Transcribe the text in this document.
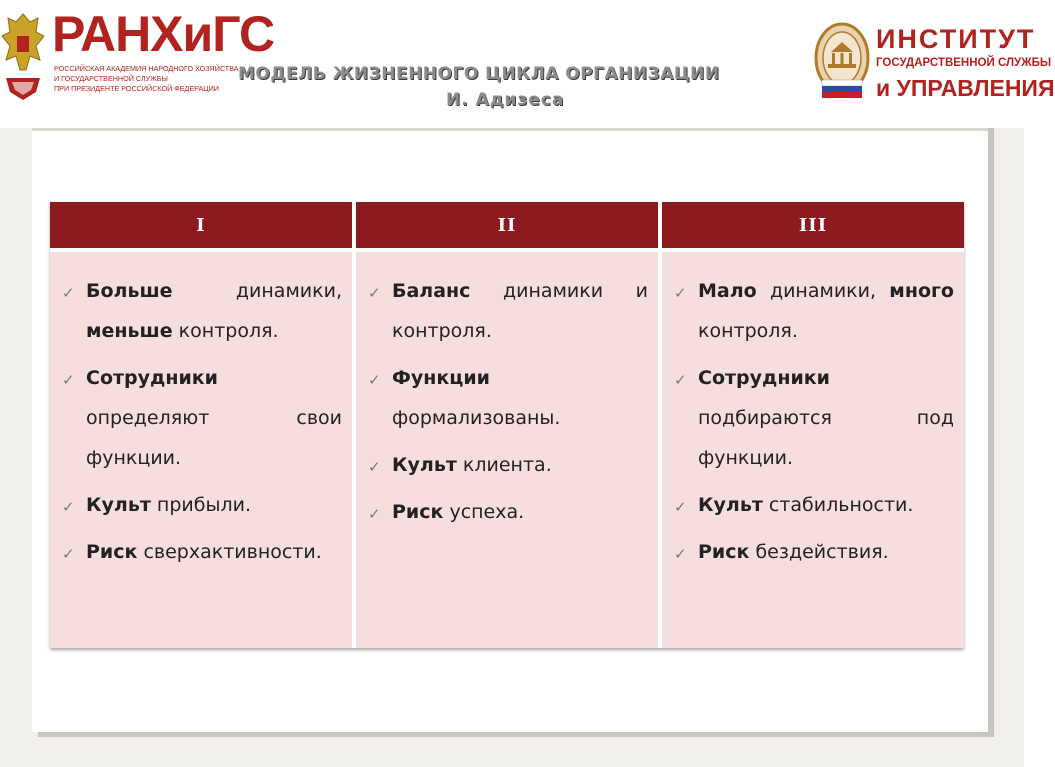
РАНХиГС
РОССИЙСКАЯ АКАДЕМИЯ НАРОДНОГО ХОЗЯЙСТВА
И ГОСУДАРСТВЕННОЙ СЛУЖБЫ
ПРИ ПРЕЗИДЕНТЕ РОССИЙСКОЙ ФЕДЕРАЦИИ
МОДЕЛЬ ЖИЗНЕННОГО ЦИКЛА ОРГАНИЗАЦИИ
И. Адизеса
ИНСТИТУТ
ГОСУДАРСТВЕННОЙ СЛУЖБЫ
и УПРАВЛЕНИЯ
I
✓ Больше динамики, меньше контроля.
✓ Сотрудники определяют свои функции.
✓ Культ прибыли.
✓ Риск сверхактивности.
II
✓ Баланс динамики и контроля.
✓ Функции формализованы.
✓ Культ клиента.
✓ Риск успеха.
III
✓ Мало динамики, много контроля.
✓ Сотрудники подбираются под функции.
✓ Культ стабильности.
✓ Риск бездействия.
